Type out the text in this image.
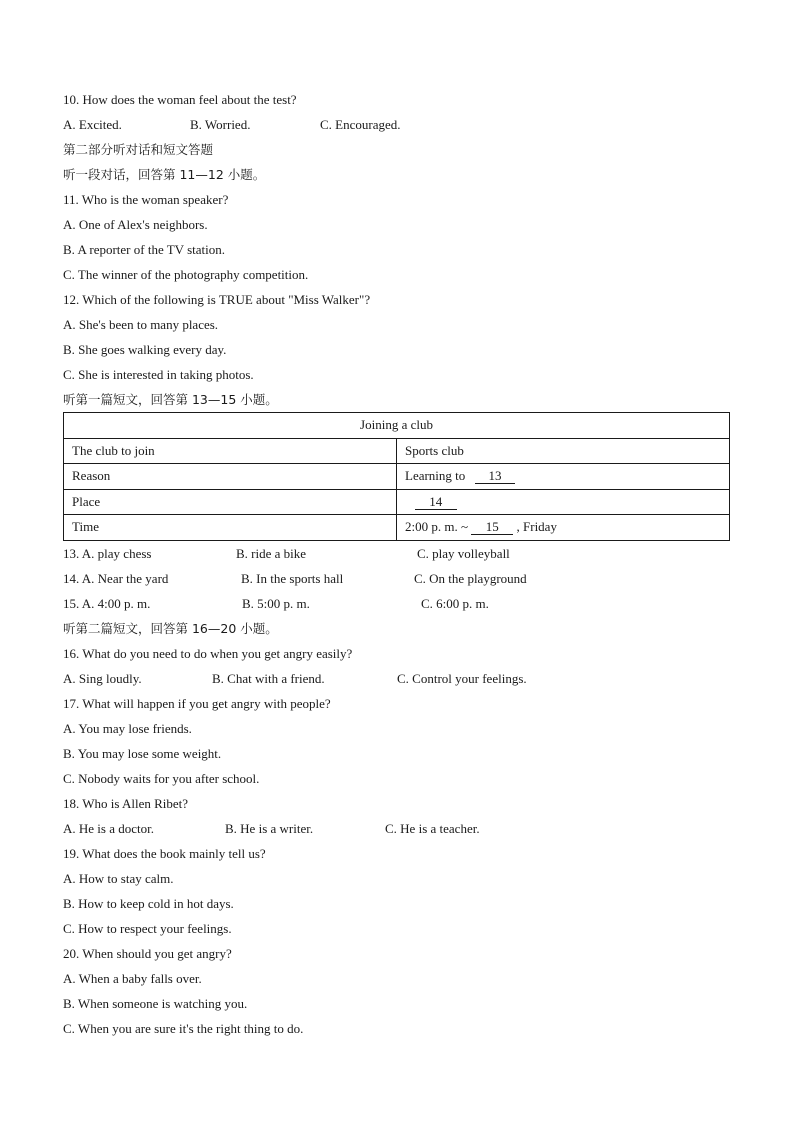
10. How does the woman feel about the test?
A. Excited.	B. Worried.	C. Encouraged.
第二部分听对话和短文答题
听一段对话，回答第 11—12 小题。
11. Who is the woman speaker?
A. One of Alex's neighbors.
B. A reporter of the TV station.
C. The winner of the photography competition.
12. Which of the following is TRUE about "Miss Walker"?
A. She's been to many places.
B. She goes walking every day.
C. She is interested in taking photos.
听第一篇短文，回答第 13—15 小题。
Joining a club	
The club to join	Sports club
Reason	Learning to   13
Place	14
Time	2:00 p. m. ~ 15 , Friday
13. A. play chess	B. ride a bike	C. play volleyball
14. A. Near the yard	B. In the sports hall	C. On the playground
15. A. 4:00 p. m.	B. 5:00 p. m.	C. 6:00 p. m.
听第二篇短文，回答第 16—20 小题。
16. What do you need to do when you get angry easily?
A. Sing loudly.	B. Chat with a friend.	C. Control your feelings.
17. What will happen if you get angry with people?
A. You may lose friends.
B. You may lose some weight.
C. Nobody waits for you after school.
18. Who is Allen Ribet?
A. He is a doctor.	B. He is a writer.	C. He is a teacher.
19. What does the book mainly tell us?
A. How to stay calm.
B. How to keep cold in hot days.
C. How to respect your feelings.
20. When should you get angry?
A. When a baby falls over.
B. When someone is watching you.
C. When you are sure it's the right thing to do.
